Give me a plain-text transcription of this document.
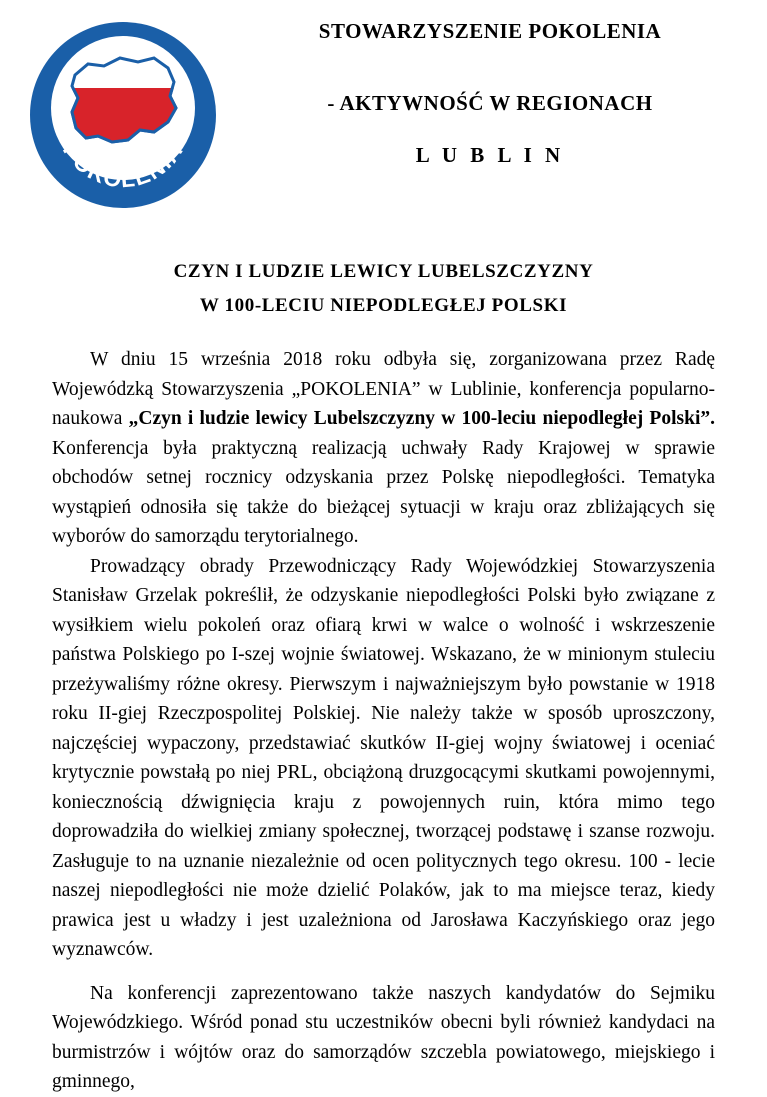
POKOLENIA
STOWARZYSZENIE POKOLENIA
- AKTYWNOŚĆ W REGIONACH
L U B L I N
CZYN I LUDZIE LEWICY LUBELSZCZYZNY
W 100-LECIU NIEPODLEGŁEJ POLSKI

W dniu 15 września 2018 roku odbyła się, zorganizowana przez Radę Wojewódzką Stowarzyszenia „POKOLENIA” w Lublinie, konferencja popularno-naukowa „Czyn i ludzie lewicy Lubelszczyzny w 100-leciu niepodległej Polski”. Konferencja była praktyczną realizacją uchwały Rady Krajowej w sprawie obchodów setnej rocznicy odzyskania przez Polskę niepodległości. Tematyka wystąpień odnosiła się także do bieżącej sytuacji w kraju oraz zbliżających się wyborów do samorządu terytorialnego.

Prowadzący obrady Przewodniczący Rady Wojewódzkiej Stowarzyszenia Stanisław Grzelak pokreślił, że odzyskanie niepodległości Polski było związane z wysiłkiem wielu pokoleń oraz ofiarą krwi w walce o wolność i wskrzeszenie państwa Polskiego po I-szej wojnie światowej. Wskazano, że w minionym stuleciu przeżywaliśmy różne okresy. Pierwszym i najważniejszym było powstanie w 1918 roku II-giej Rzeczpospolitej Polskiej. Nie należy także w sposób uproszczony, najczęściej wypaczony, przedstawiać skutków II-giej wojny światowej i oceniać krytycznie powstałą po niej PRL, obciążoną druzgocącymi skutkami powojennymi, koniecznością dźwignięcia kraju z powojennych ruin, która mimo tego doprowadziła do wielkiej zmiany społecznej, tworzącej podstawę i szanse rozwoju. Zasługuje to na uznanie niezależnie od ocen politycznych tego okresu. 100 - lecie naszej niepodległości nie może dzielić Polaków, jak to ma miejsce teraz, kiedy prawica jest u władzy i jest uzależniona od Jarosława Kaczyńskiego oraz jego wyznawców.

Na konferencji zaprezentowano także naszych kandydatów do Sejmiku Wojewódzkiego. Wśród ponad stu uczestników obecni byli również kandydaci na burmistrzów i wójtów oraz do samorządów szczebla powiatowego, miejskiego i gminnego,
